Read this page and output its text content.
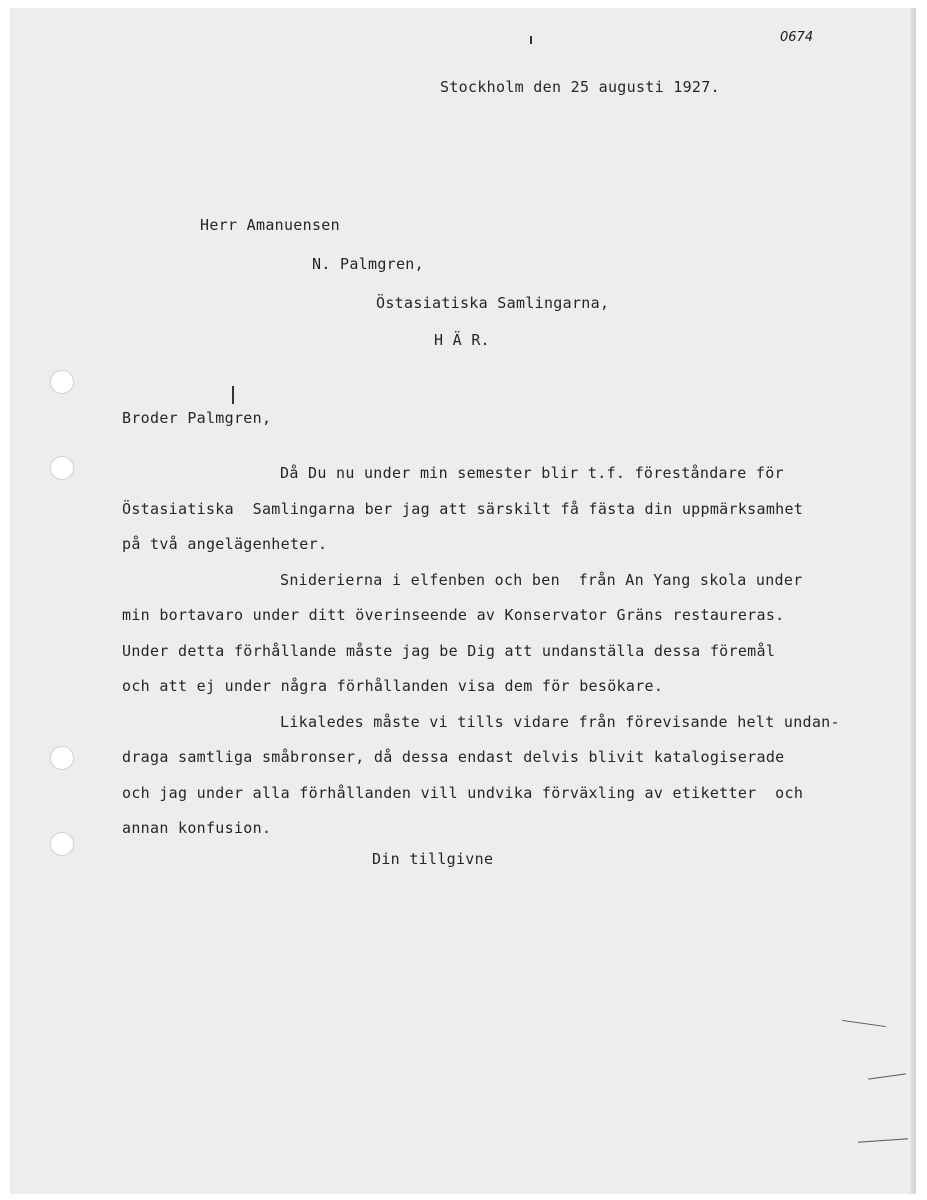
0674
Stockholm den 25 augusti 1927.
Herr Amanuensen
N. Palmgren,
Östasiatiska Samlingarna,
H Ä R.
Broder Palmgren,
Då Du nu under min semester blir t.f. föreståndare för
Östasiatiska  Samlingarna ber jag att särskilt få fästa din uppmärksamhet
på två angelägenheter.
Sniderierna i elfenben och ben  från An Yang skola under
min bortavaro under ditt överinseende av Konservator Gräns restaureras.
Under detta förhållande måste jag be Dig att undanställa dessa föremål
och att ej under några förhållanden visa dem för besökare.
Likaledes måste vi tills vidare från förevisande helt undan-
draga samtliga småbronser, då dessa endast delvis blivit katalogiserade
och jag under alla förhållanden vill undvika förväxling av etiketter  och
annan konfusion.
Din tillgivne
